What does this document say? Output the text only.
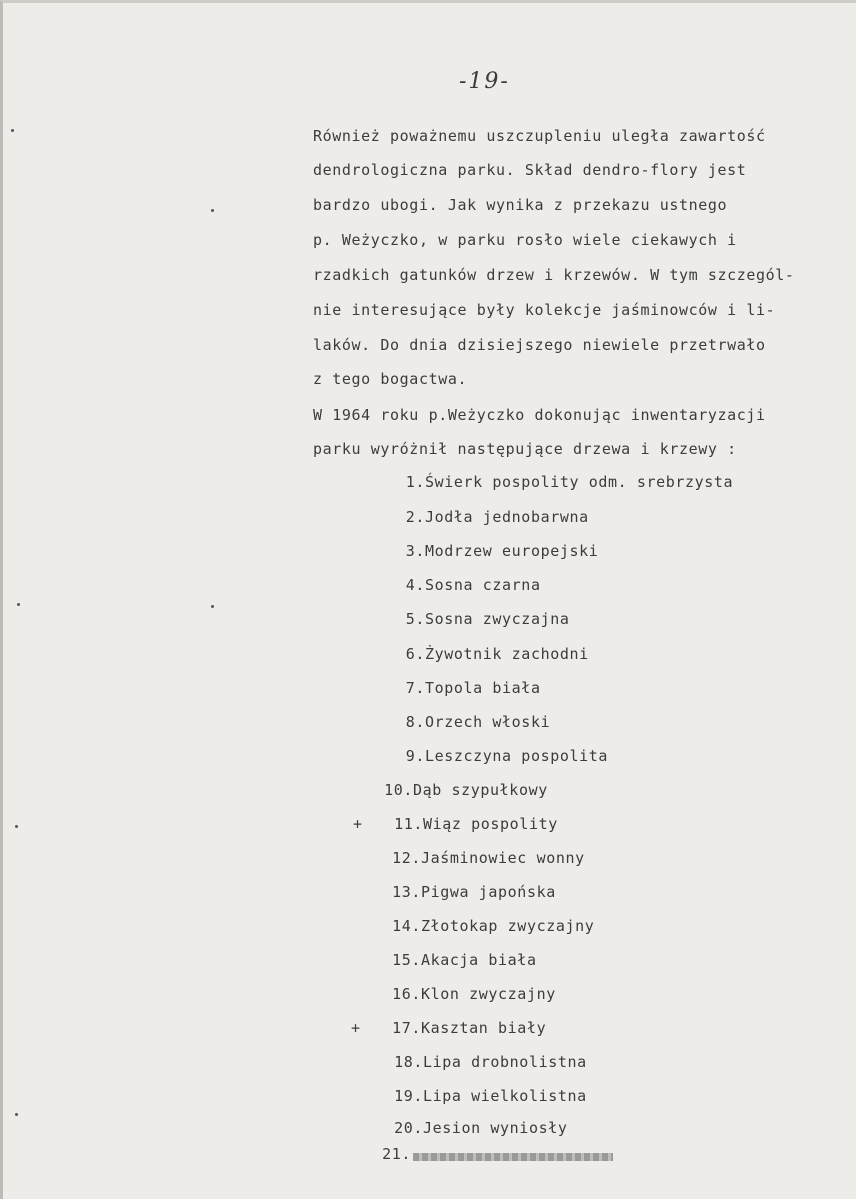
-19-
Również poważnemu uszczupleniu uległa zawartość
dendrologiczna parku. Skład dendro-flory jest
bardzo ubogi. Jak wynika z przekazu ustnego
p. Weżyczko, w parku rosło wiele ciekawych i
rzadkich gatunków drzew i krzewów. W tym szczegól-
nie interesujące były kolekcje jaśminowców i li-
laków. Do dnia dzisiejszego niewiele przetrwało
z tego bogactwa.
W 1964 roku p.Weżyczko dokonując inwentaryzacji
parku wyróżnił następujące drzewa i krzewy :
1. Świerk pospolity odm. srebrzysta
2. Jodła jednobarwna
3. Modrzew europejski
4. Sosna czarna
5. Sosna zwyczajna
6. Żywotnik zachodni
7. Topola biała
8. Orzech włoski
9. Leszczyna pospolita
10. Dąb szypułkowy
+	11. Wiąz pospolity
12. Jaśminowiec wonny
13. Pigwa japońska
14. Złotokap zwyczajny
15. Akacja biała
16. Klon zwyczajny
+	17. Kasztan biały
18. Lipa drobnolistna
19. Lipa wielkolistna
20. Jesion wyniosły
21.
